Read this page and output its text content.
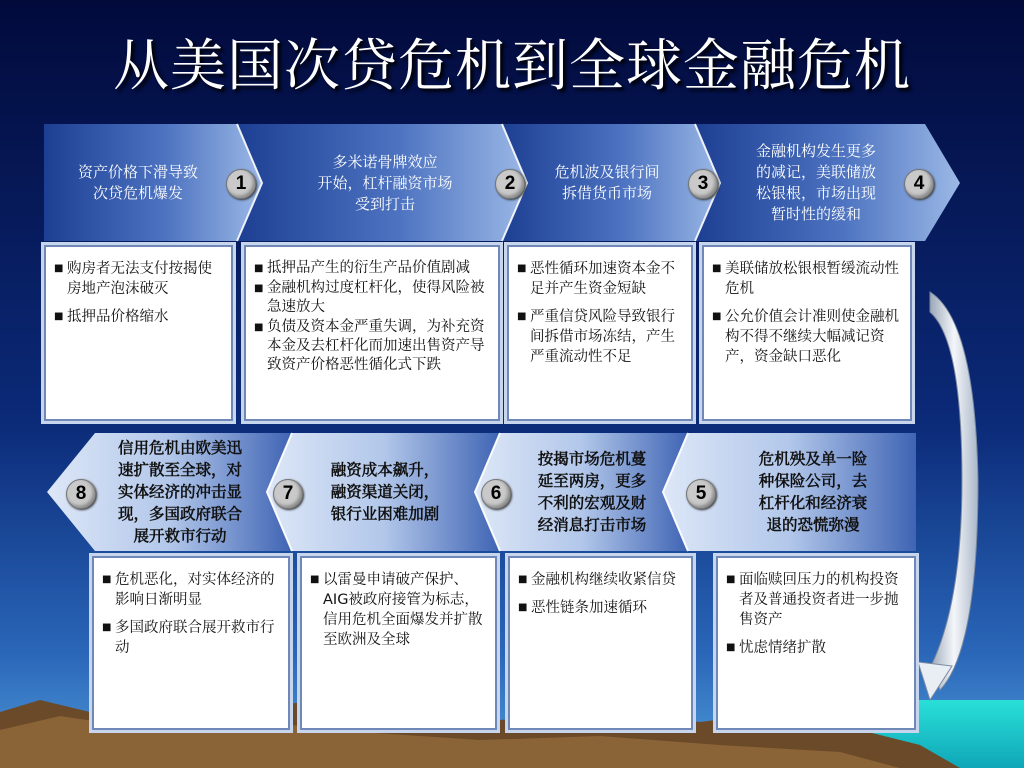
从美国次贷危机到全球金融危机
资产价格下滑导致
次贷危机爆发
多米诺骨牌效应
开始，杠杆融资市场
受到打击
危机波及银行间
拆借货币市场
金融机构发生更多
的减记，美联储放
松银根，市场出现
暂时性的缓和
信用危机由欧美迅
速扩散至全球，对
实体经济的冲击显
现，多国政府联合
展开救市行动
融资成本飙升，
融资渠道关闭，
银行业困难加剧
按揭市场危机蔓
延至两房，更多
不利的宏观及财
经消息打击市场
危机殃及单一险
种保险公司，去
杠杆化和经济衰
退的恐慌弥漫
1	2	3	4
8	7	6	5
■ 购房者无法支付按揭使房地产泡沫破灭
■ 抵押品价格缩水
■ 抵押品产生的衍生产品价值剧减
■ 金融机构过度杠杆化，使得风险被急速放大
■ 负债及资本金严重失调，为补充资本金及去杠杆化而加速出售资产导致资产价格恶性循化式下跌
■ 恶性循环加速资本金不足并产生资金短缺
■ 严重信贷风险导致银行间拆借市场冻结，产生严重流动性不足
■ 美联储放松银根暂缓流动性危机
■ 公允价值会计准则使金融机构不得不继续大幅减记资产，资金缺口恶化
■ 危机恶化，对实体经济的影响日渐明显
■ 多国政府联合展开救市行动
■ 以雷曼申请破产保护、AIG被政府接管为标志，信用危机全面爆发并扩散至欧洲及全球
■ 金融机构继续收紧信贷
■ 恶性链条加速循环
■ 面临赎回压力的机构投资者及普通投资者进一步抛售资产
■ 忧虑情绪扩散
